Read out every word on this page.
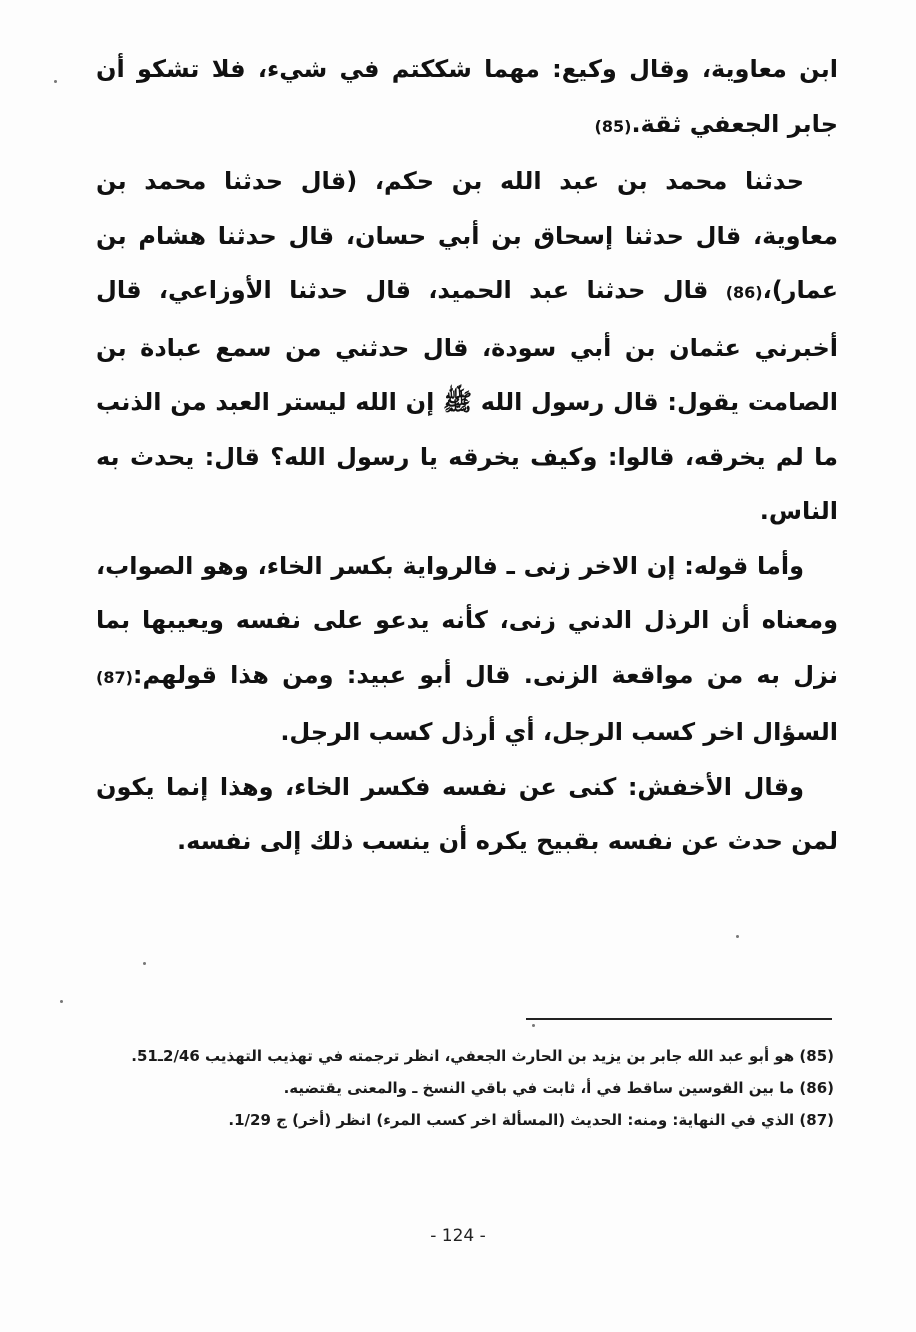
ابن معاوية، وقال وكيع: مهما شككتم في شيء، فلا تشكو أن جابر الجعفي ثقة.(85)

حدثنا محمد بن عبد الله بن حكم، (قال حدثنا محمد بن معاوية، قال حدثنا إسحاق بن أبي حسان، قال حدثنا هشام بن عمار)،(86) قال حدثنا عبد الحميد، قال حدثنا الأوزاعي، قال أخبرني عثمان بن أبي سودة، قال حدثني من سمع عبادة بن الصامت يقول: قال رسول الله ﷺ إن الله ليستر العبد من الذنب ما لم يخرقه، قالوا: وكيف يخرقه يا رسول الله؟ قال: يحدث به الناس.

وأما قوله: إن الاخر زنى ـ فالرواية بكسر الخاء، وهو الصواب، ومعناه أن الرذل الدني زنى، كأنه يدعو على نفسه ويعيبها بما نزل به من مواقعة الزنى. قال أبو عبيد: ومن هذا قولهم:(87) السؤال اخر كسب الرجل، أي أرذل كسب الرجل.

وقال الأخفش: كنى عن نفسه فكسر الخاء، وهذا إنما يكون لمن حدث عن نفسه بقبيح يكره أن ينسب ذلك إلى نفسه.

(85) هو أبو عبد الله جابر بن يزيد بن الحارث الجعفي، انظر ترجمته في تهذيب التهذيب 2/46ـ51.

(86) ما بين القوسين ساقط في أ، ثابت في باقي النسخ ـ والمعنى يقتضيه.

(87) الذي في النهاية: ومنه: الحديث (المسألة اخر كسب المرء) انظر (أخر) ج 1/29.

- 124 -
